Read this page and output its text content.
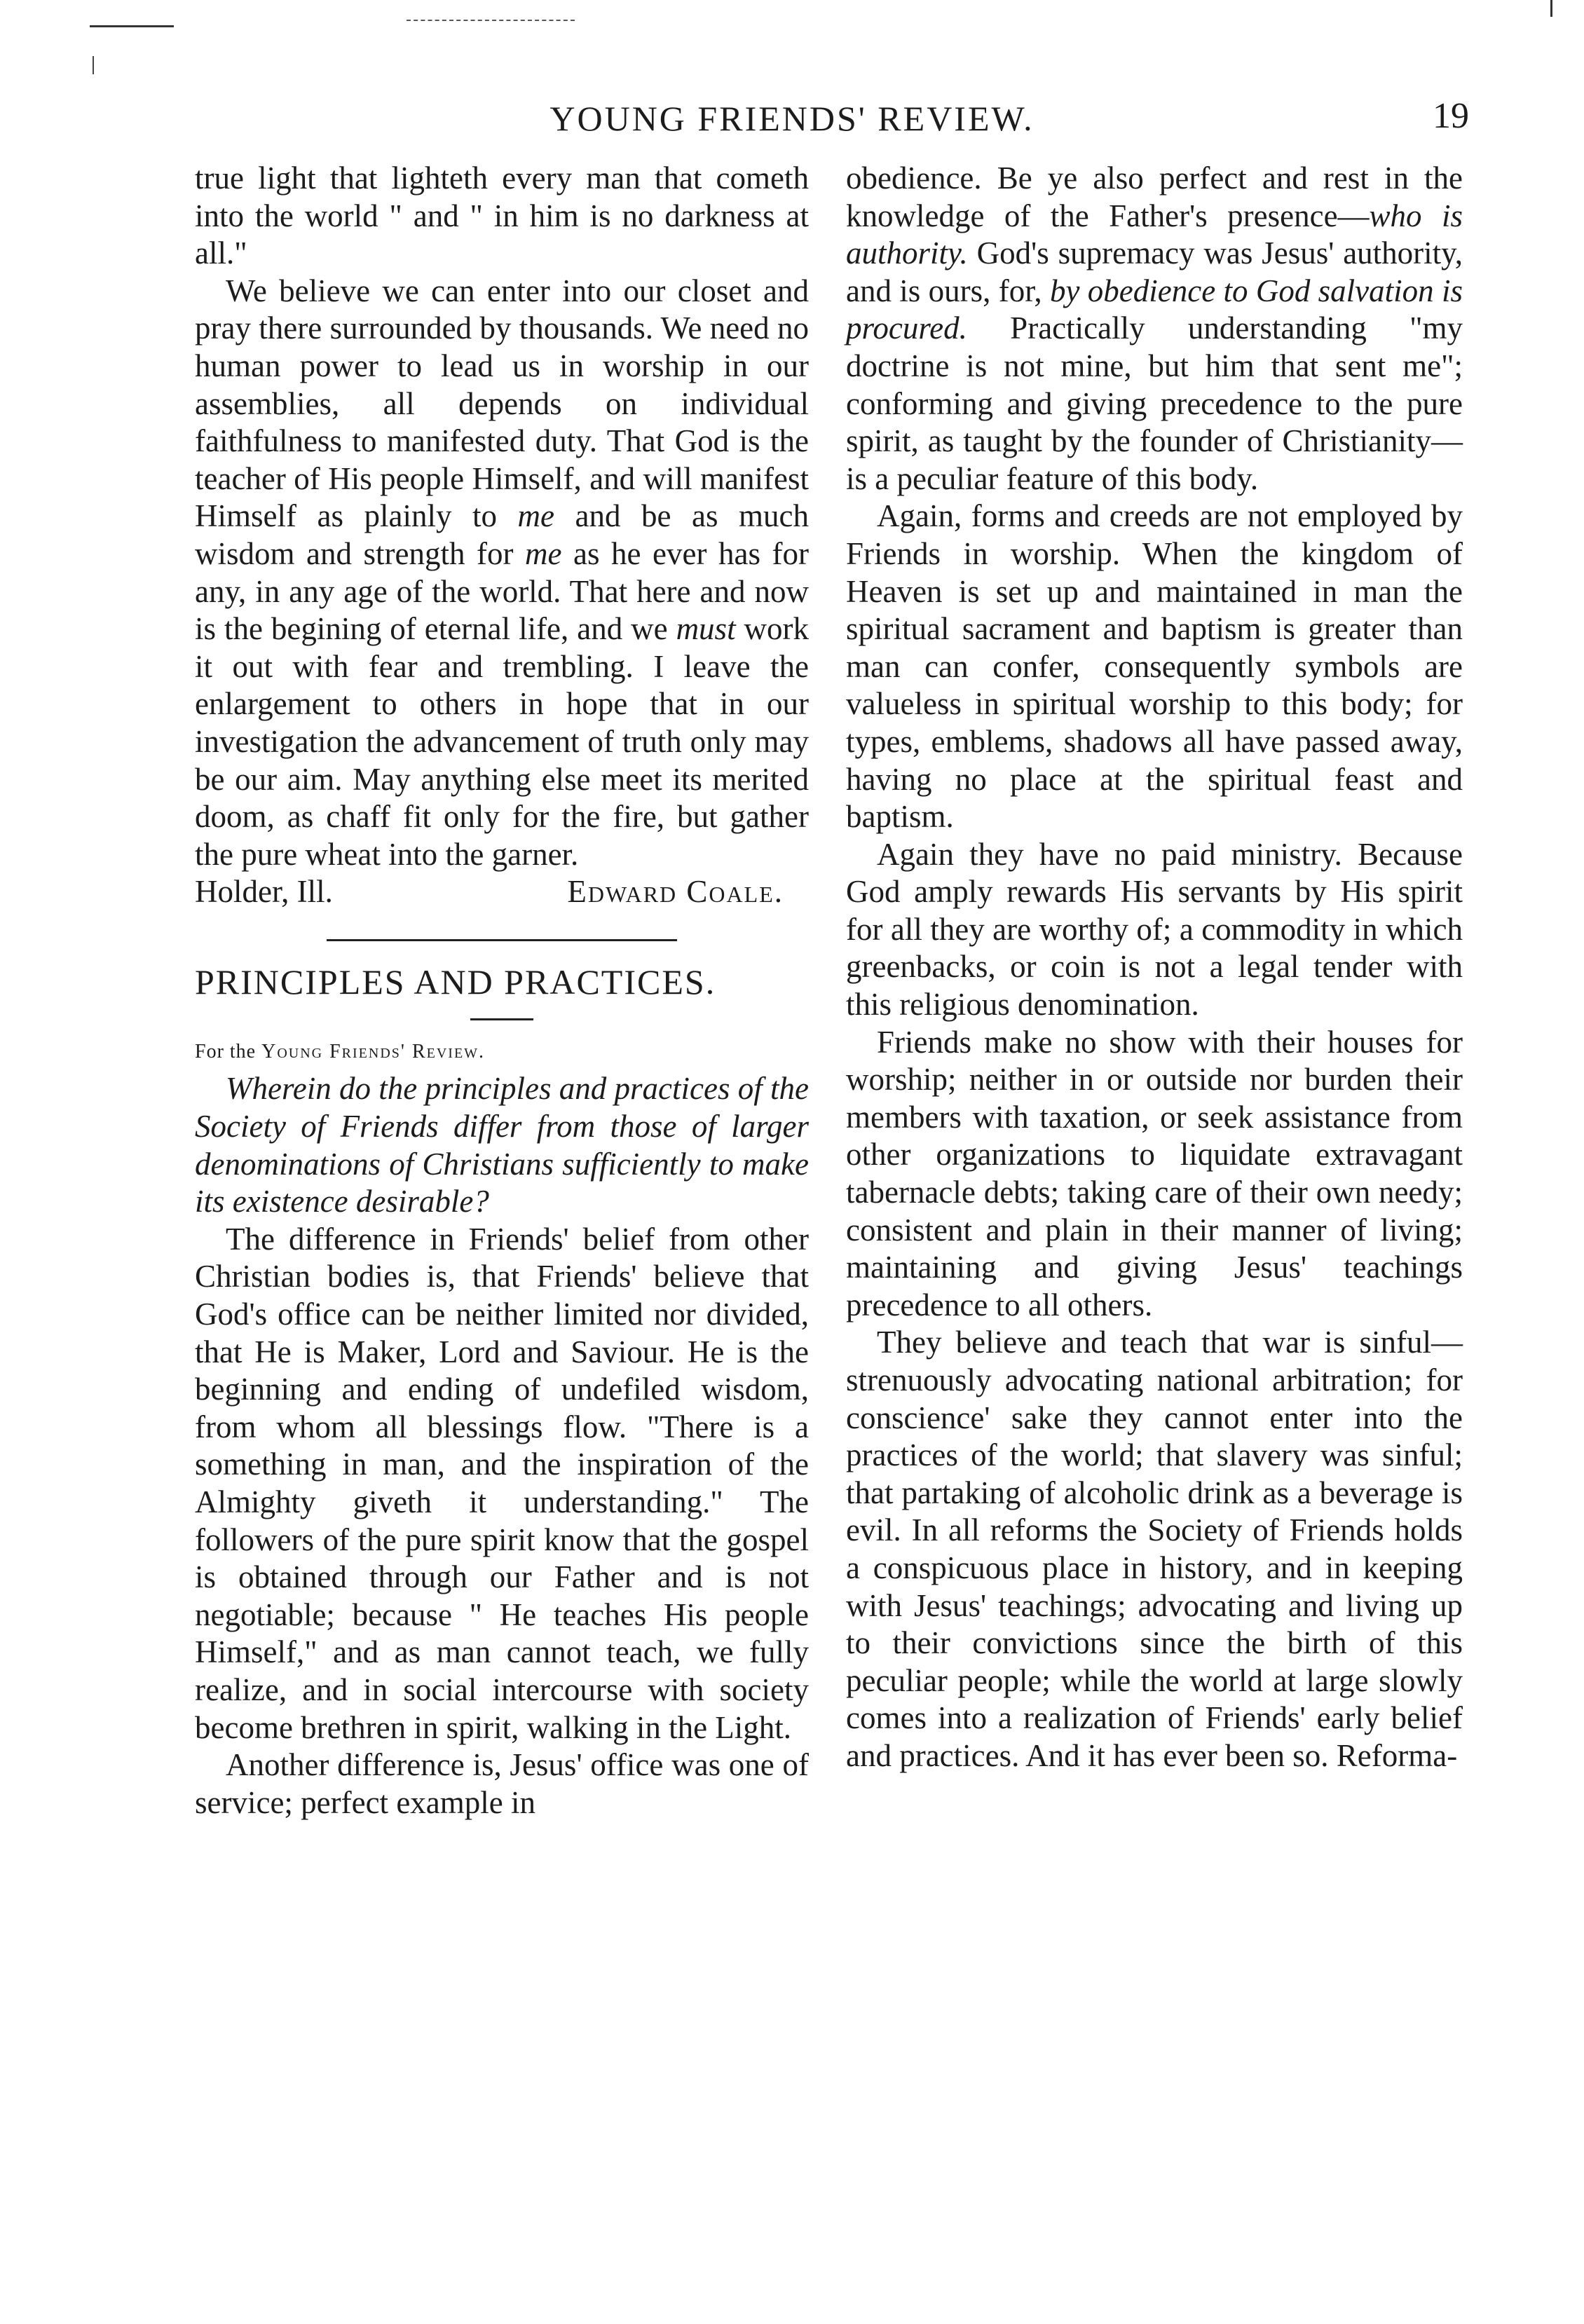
YOUNG FRIENDS' REVIEW.	19

true light that lighteth every man that cometh into the world " and " in him is no darkness at all."

We believe we can enter into our closet and pray there surrounded by thousands. We need no human power to lead us in worship in our assemblies, all depends on individual faithfulness to manifested duty. That God is the teacher of His people Himself, and will manifest Himself as plainly to me and be as much wisdom and strength for me as he ever has for any, in any age of the world. That here and now is the begining of eternal life, and we must work it out with fear and trembling. I leave the enlargement to others in hope that in our investigation the advancement of truth only may be our aim. May anything else meet its merited doom, as chaff fit only for the fire, but gather the pure wheat into the garner.

Holder, Ill.	Edward Coale.

PRINCIPLES AND PRACTICES.

For the Young Friends' Review.

Wherein do the principles and practices of the Society of Friends differ from those of larger denominations of Christians sufficiently to make its existence desirable?

The difference in Friends' belief from other Christian bodies is, that Friends' believe that God's office can be neither limited nor divided, that He is Maker, Lord and Saviour. He is the beginning and ending of undefiled wisdom, from whom all blessings flow. "There is a something in man, and the inspiration of the Almighty giveth it understanding." The followers of the pure spirit know that the gospel is obtained through our Father and is not negotiable; because " He teaches His people Himself," and as man cannot teach, we fully realize, and in social intercourse with society become brethren in spirit, walking in the Light.

Another difference is, Jesus' office was one of service; perfect example in

obedience. Be ye also perfect and rest in the knowledge of the Father's presence—who is authority. God's supremacy was Jesus' authority, and is ours, for, by obedience to God salvation is procured. Practically understanding "my doctrine is not mine, but him that sent me"; conforming and giving precedence to the pure spirit, as taught by the founder of Christianity—is a peculiar feature of this body.

Again, forms and creeds are not employed by Friends in worship. When the kingdom of Heaven is set up and maintained in man the spiritual sacrament and baptism is greater than man can confer, consequently symbols are valueless in spiritual worship to this body; for types, emblems, shadows all have passed away, having no place at the spiritual feast and baptism.

Again they have no paid ministry. Because God amply rewards His servants by His spirit for all they are worthy of; a commodity in which greenbacks, or coin is not a legal tender with this religious denomination.

Friends make no show with their houses for worship; neither in or outside nor burden their members with taxation, or seek assistance from other organizations to liquidate extravagant tabernacle debts; taking care of their own needy; consistent and plain in their manner of living; maintaining and giving Jesus' teachings precedence to all others.

They believe and teach that war is sinful—strenuously advocating national arbitration; for conscience' sake they cannot enter into the practices of the world; that slavery was sinful; that partaking of alcoholic drink as a beverage is evil. In all reforms the Society of Friends holds a conspicuous place in history, and in keeping with Jesus' teachings; advocating and living up to their convictions since the birth of this peculiar people; while the world at large slowly comes into a realization of Friends' early belief and practices. And it has ever been so. Reforma-
